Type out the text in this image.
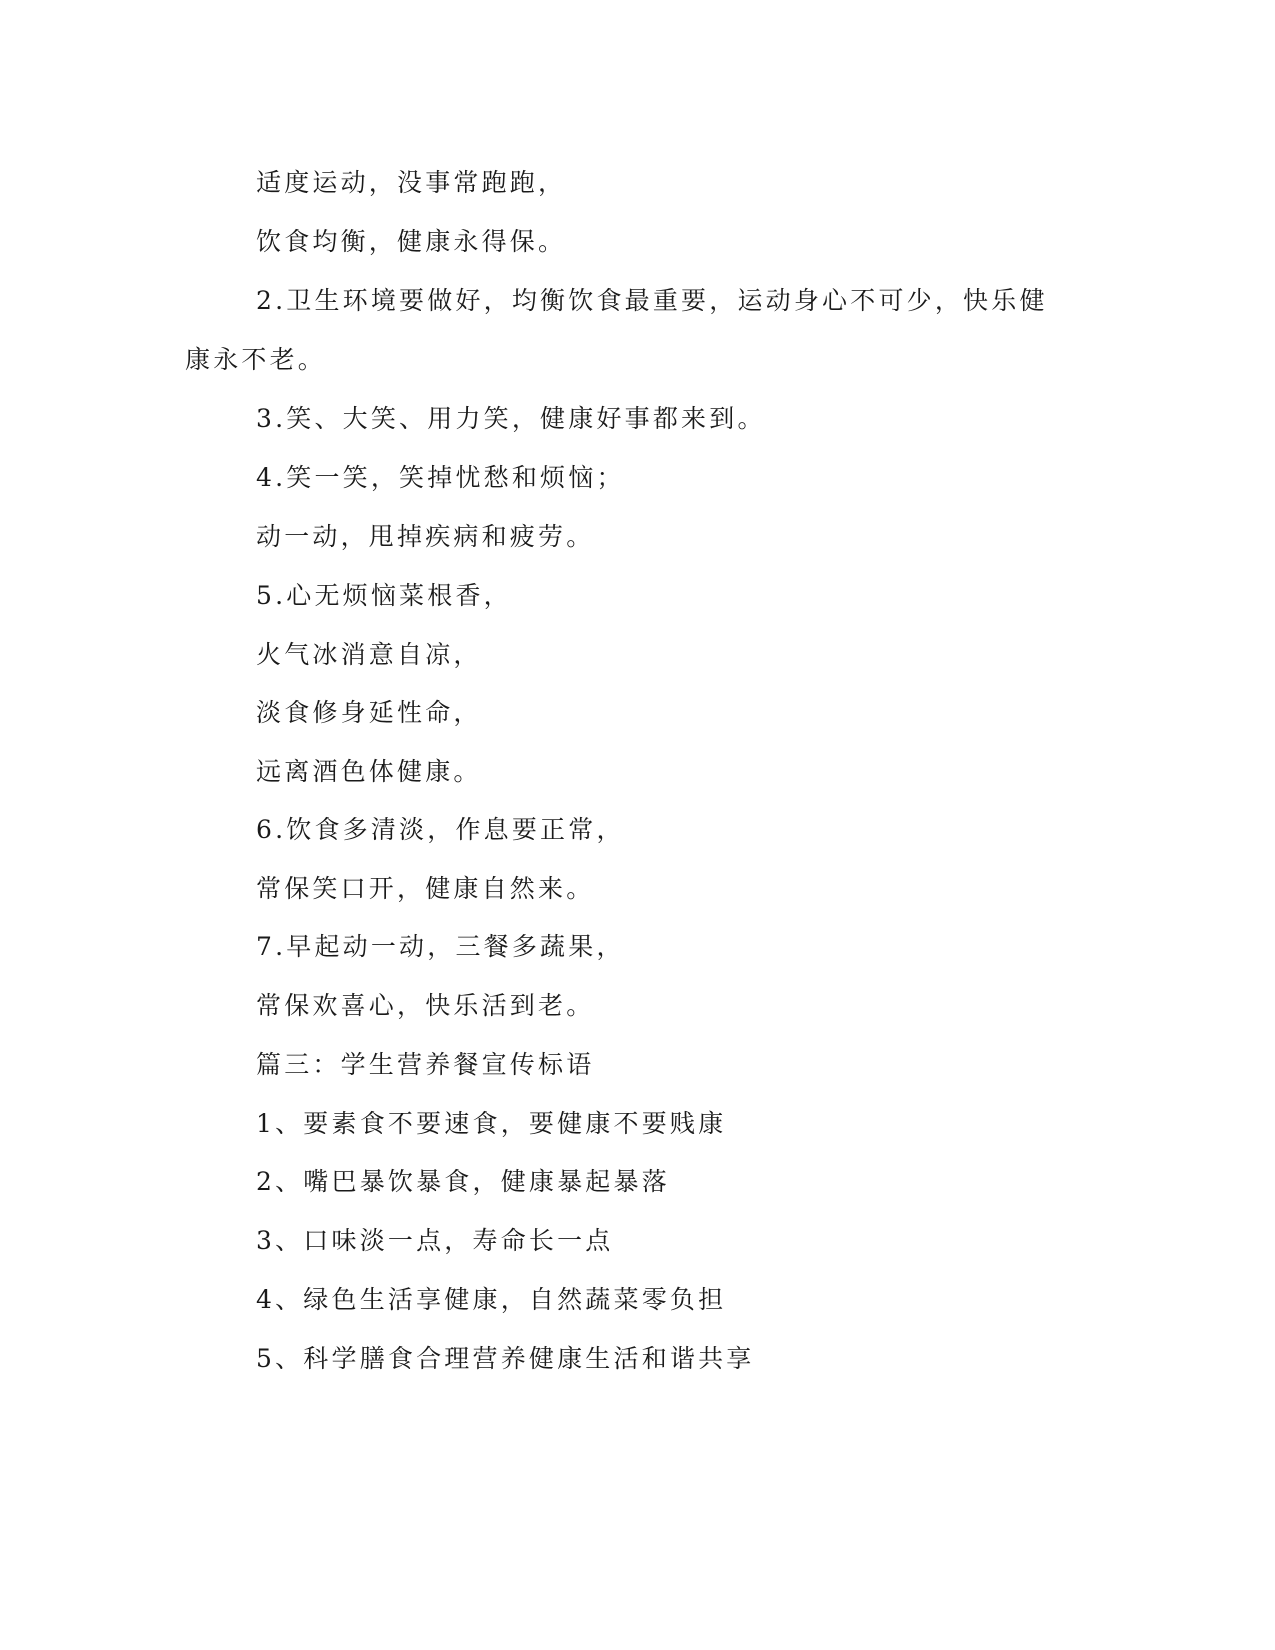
适度运动，没事常跑跑，
饮食均衡，健康永得保。
2.卫生环境要做好，均衡饮食最重要，运动身心不可少，快乐健
康永不老。
3.笑、大笑、用力笑，健康好事都来到。
4.笑一笑，笑掉忧愁和烦恼；
动一动，甩掉疾病和疲劳。
5.心无烦恼菜根香，
火气冰消意自凉，
淡食修身延性命，
远离酒色体健康。
6.饮食多清淡，作息要正常，
常保笑口开，健康自然来。
7.早起动一动，三餐多蔬果，
常保欢喜心，快乐活到老。
篇三：学生营养餐宣传标语
1、要素食不要速食，要健康不要贱康
2、嘴巴暴饮暴食，健康暴起暴落
3、口味淡一点，寿命长一点
4、绿色生活享健康，自然蔬菜零负担
5、科学膳食合理营养健康生活和谐共享
